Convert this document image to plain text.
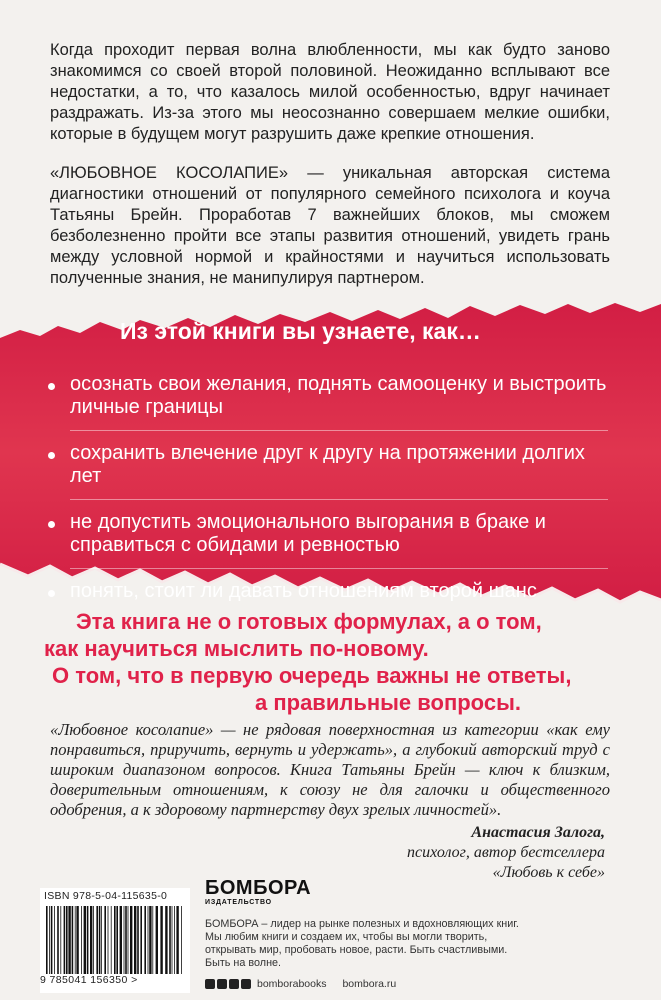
Когда проходит первая волна влюбленности, мы как будто заново знакомимся со своей второй половиной. Неожиданно всплывают все недостатки, а то, что казалось милой особенностью, вдруг начинает раздражать. Из-за этого мы неосознанно совершаем мелкие ошибки, которые в будущем могут разрушить даже крепкие отношения.

«ЛЮБОВНОЕ КОСОЛАПИЕ» — уникальная авторская система диагностики отношений от популярного семейного психолога и коуча Татьяны Брейн. Проработав 7 важнейших блоков, мы сможем безболезненно пройти все этапы развития отношений, увидеть грань между условной нормой и крайностями и научиться использовать полученные знания, не манипулируя партнером.

Из этой книги вы узнаете, как…
осознать свои желания, поднять самооценку и выстроить личные границы
сохранить влечение друг к другу на протяжении долгих лет
не допустить эмоционального выгорания в браке и справиться с обидами и ревностью
понять, стоит ли давать отношениям второй шанс
Эта книга не о готовых формулах, а о том,
как научиться мыслить по-новому.
О том, что в первую очередь важны не ответы,
а правильные вопросы.
«Любовное косолапие» — не рядовая поверхностная из категории «как ему понравиться, приручить, вернуть и удержать», а глубокий авторский труд с широким диапазоном вопросов. Книга Татьяны Брейн — ключ к близким, доверительным отношениям, к союзу не для галочки и общественного одобрения, а к здоровому партнерству двух зрелых личностей».
Анастасия Залога,
психолог, автор бестселлера
«Любовь к себе»
ISBN 978-5-04-115635-0
9 785041 156350 >
БОМБОРА
ИЗДАТЕЛЬСТВО
БОМБОРА – лидер на рынке полезных и вдохновляющих книг. Мы любим книги и создаем их, чтобы вы могли творить, открывать мир, пробовать новое, расти. Быть счастливыми. Быть на волне.
bomborabooks bombora.ru
